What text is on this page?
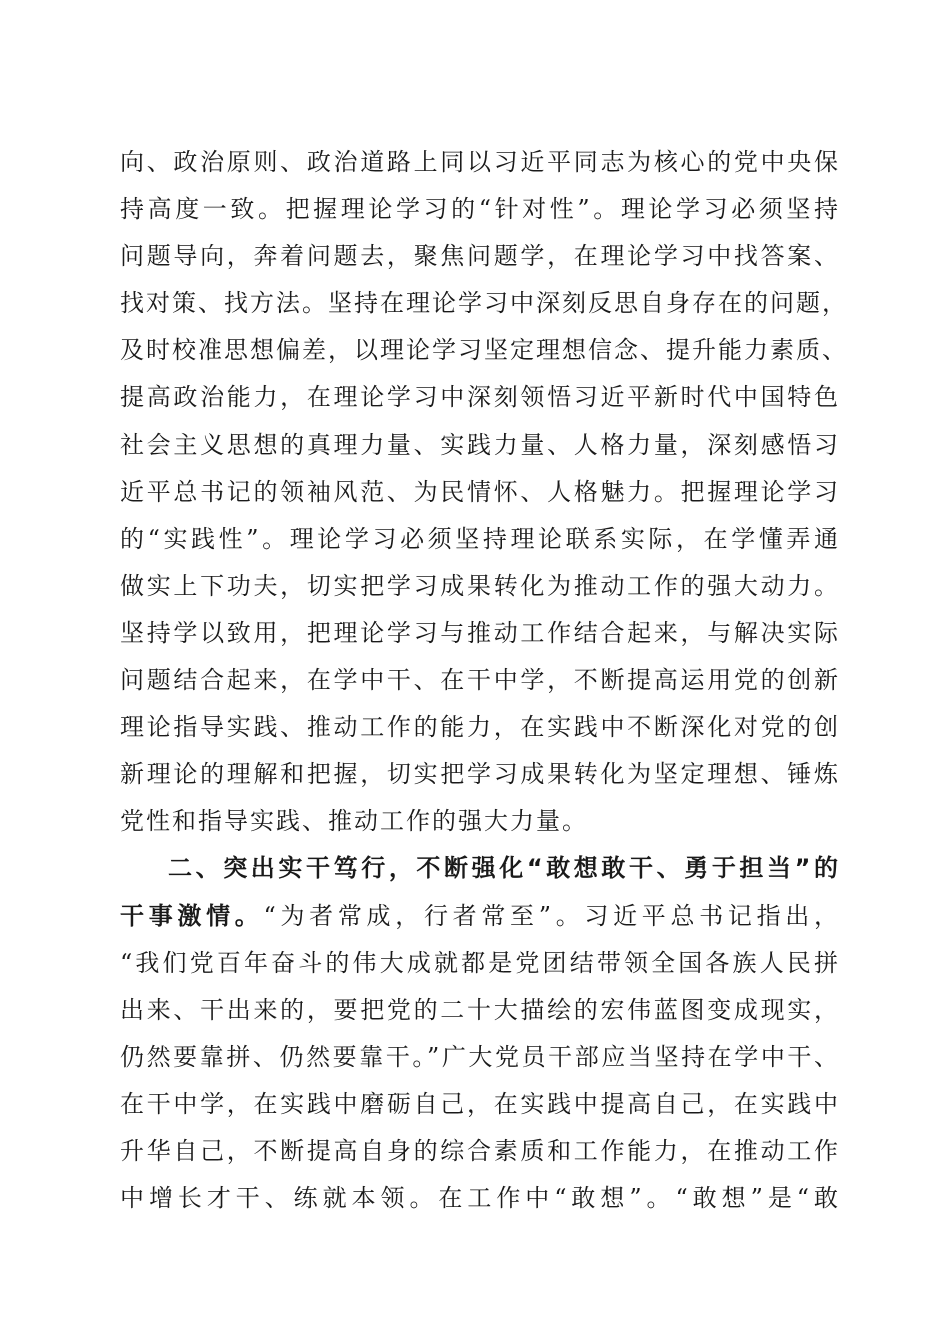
向、政治原则、政治道路上同以习近平同志为核心的党中央保
持高度一致。把握理论学习的“针对性”。理论学习必须坚持
问题导向，奔着问题去，聚焦问题学，在理论学习中找答案、
找对策、找方法。坚持在理论学习中深刻反思自身存在的问题，
及时校准思想偏差，以理论学习坚定理想信念、提升能力素质、
提高政治能力，在理论学习中深刻领悟习近平新时代中国特色
社会主义思想的真理力量、实践力量、人格力量，深刻感悟习
近平总书记的领袖风范、为民情怀、人格魅力。把握理论学习
的“实践性”。理论学习必须坚持理论联系实际，在学懂弄通
做实上下功夫，切实把学习成果转化为推动工作的强大动力。
坚持学以致用，把理论学习与推动工作结合起来，与解决实际
问题结合起来，在学中干、在干中学，不断提高运用党的创新
理论指导实践、推动工作的能力，在实践中不断深化对党的创
新理论的理解和把握，切实把学习成果转化为坚定理想、锤炼
党性和指导实践、推动工作的强大力量。
二、突出实干笃行，不断强化“敢想敢干、勇于担当”的
干事激情。“为者常成，行者常至”。习近平总书记指出，
“我们党百年奋斗的伟大成就都是党团结带领全国各族人民拼
出来、干出来的，要把党的二十大描绘的宏伟蓝图变成现实，
仍然要靠拼、仍然要靠干。”广大党员干部应当坚持在学中干、
在干中学，在实践中磨砺自己，在实践中提高自己，在实践中
升华自己，不断提高自身的综合素质和工作能力，在推动工作
中增长才干、练就本领。在工作中“敢想”。“敢想”是“敢
